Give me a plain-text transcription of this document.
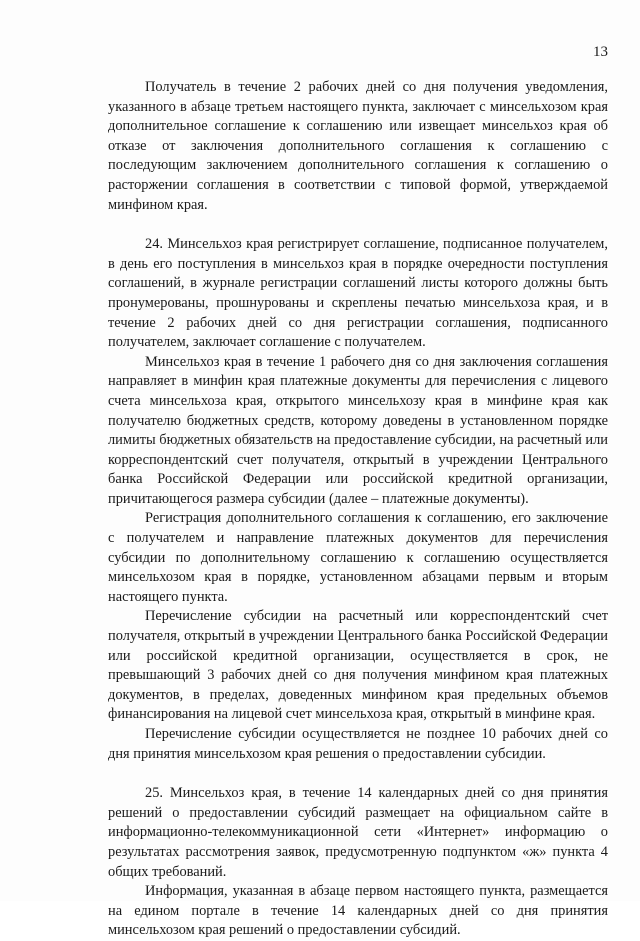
13

Получатель в течение 2 рабочих дней со дня получения уведомления, указанного в абзаце третьем настоящего пункта, заключает с минсельхозом края дополнительное соглашение к соглашению или извещает минсельхоз края об отказе от заключения дополнительного соглашения к соглашению с последующим заключением дополнительного соглашения к соглашению о расторжении соглашения в соответствии с типовой формой, утверждаемой минфином края.

24. Минсельхоз края регистрирует соглашение, подписанное получателем, в день его поступления в минсельхоз края в порядке очередности поступления соглашений, в журнале регистрации соглашений листы которого должны быть пронумерованы, прошнурованы и скреплены печатью минсельхоза края, и в течение 2 рабочих дней со дня регистрации соглашения, подписанного получателем, заключает соглашение с получателем.

Минсельхоз края в течение 1 рабочего дня со дня заключения соглашения направляет в минфин края платежные документы для перечисления с лицевого счета минсельхоза края, открытого минсельхозу края в минфине края как получателю бюджетных средств, которому доведены в установленном порядке лимиты бюджетных обязательств на предоставление субсидии, на расчетный или корреспондентский счет получателя, открытый в учреждении Центрального банка Российской Федерации или российской кредитной организации, причитающегося размера субсидии (далее – платежные документы).

Регистрация дополнительного соглашения к соглашению, его заключение с получателем и направление платежных документов для перечисления субсидии по дополнительному соглашению к соглашению осуществляется минсельхозом края в порядке, установленном абзацами первым и вторым настоящего пункта.

Перечисление субсидии на расчетный или корреспондентский счет получателя, открытый в учреждении Центрального банка Российской Федерации или российской кредитной организации, осуществляется в срок, не превышающий 3 рабочих дней со дня получения минфином края платежных документов, в пределах, доведенных минфином края предельных объемов финансирования на лицевой счет минсельхоза края, открытый в минфине края.

Перечисление субсидии осуществляется не позднее 10 рабочих дней со дня принятия минсельхозом края решения о предоставлении субсидии.

25. Минсельхоз края, в течение 14 календарных дней со дня принятия решений о предоставлении субсидий размещает на официальном сайте в информационно-телекоммуникационной сети «Интернет» информацию о результатах рассмотрения заявок, предусмотренную подпунктом «ж» пункта 4 общих требований.

Информация, указанная в абзаце первом настоящего пункта, размещается на едином портале в течение 14 календарных дней со дня принятия минсельхозом края решений о предоставлении субсидий.
